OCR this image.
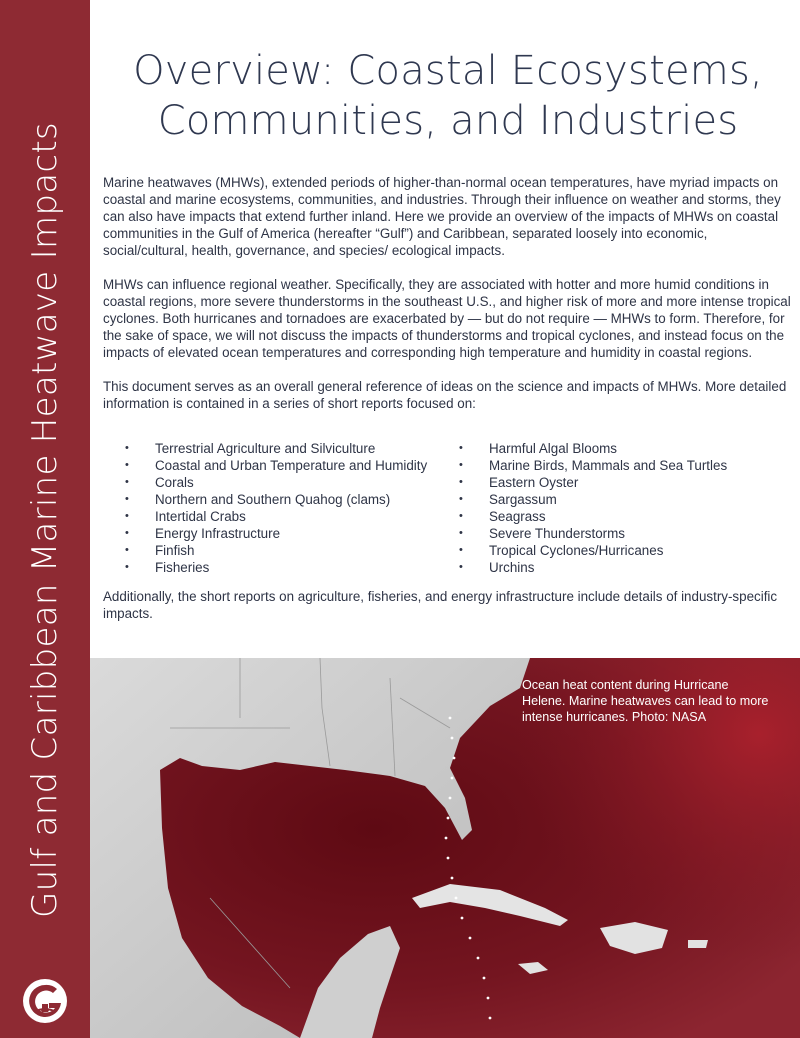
Gulf and Caribbean Marine Heatwave Impacts
Overview: Coastal Ecosystems, Communities, and Industries

Marine heatwaves (MHWs), extended periods of higher-than-normal ocean temperatures, have myriad impacts on coastal and marine ecosystems, communities, and industries. Through their influence on weather and storms, they can also have impacts that extend further inland. Here we provide an overview of the impacts of MHWs on coastal communities in the Gulf of America (hereafter “Gulf”) and Caribbean, separated loosely into economic, social/cultural, health, governance, and species/ ecological impacts.

MHWs can influence regional weather. Specifically, they are associated with hotter and more humid conditions in coastal regions, more severe thunderstorms in the southeast U.S., and higher risk of more and more intense tropical cyclones. Both hurricanes and tornadoes are exacerbated by — but do not require — MHWs to form. Therefore, for the sake of space, we will not discuss the impacts of thunderstorms and tropical cyclones, and instead focus on the impacts of elevated ocean temperatures and corresponding high temperature and humidity in coastal regions.

This document serves as an overall general reference of ideas on the science and impacts of MHWs. More detailed information is contained in a series of short reports focused on:

• Terrestrial Agriculture and Silviculture
• Coastal and Urban Temperature and Humidity
• Corals
• Northern and Southern Quahog (clams)
• Intertidal Crabs
• Energy Infrastructure
• Finfish
• Fisheries
• Harmful Algal Blooms
• Marine Birds, Mammals and Sea Turtles
• Eastern Oyster
• Sargassum
• Seagrass
• Severe Thunderstorms
• Tropical Cyclones/Hurricanes
• Urchins

Additionally, the short reports on agriculture, fisheries, and energy infrastructure include details of industry-specific impacts.

Ocean heat content during Hurricane Helene. Marine heatwaves can lead to more intense hurricanes. Photo: NASA
